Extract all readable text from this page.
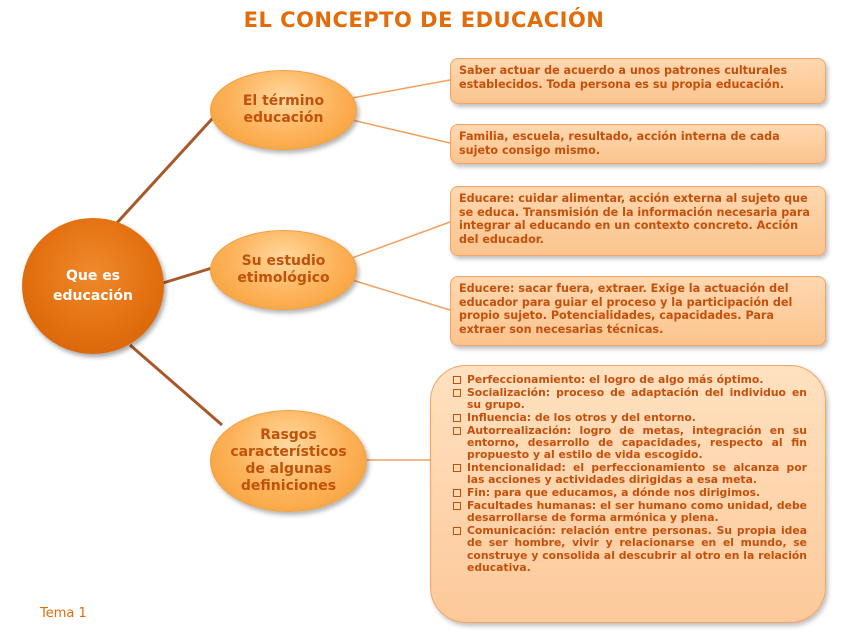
EL CONCEPTO DE EDUCACIÓN
Que es
educación
El término
educación
Su estudio
etimológico
Rasgos
característicos
de algunas
definiciones
Saber actuar de acuerdo a unos patrones culturales establecidos. Toda persona es su propia educación.
Familia, escuela, resultado, acción interna de cada sujeto consigo mismo.
Educare: cuidar alimentar, acción externa al sujeto que se educa. Transmisión de la información necesaria para integrar al educando en un contexto concreto. Acción del educador.
Educere: sacar fuera, extraer. Exige la actuación del educador para guiar el proceso y la participación del propio sujeto. Potencialidades, capacidades. Para extraer son necesarias técnicas.
Perfeccionamiento: el logro de algo más óptimo.
Socialización: proceso de adaptación del individuo en su grupo.
Influencia: de los otros y del entorno.
Autorrealización: logro de metas, integración en su entorno, desarrollo de capacidades, respecto al fin propuesto y al estilo de vida escogido.
Intencionalidad: el perfeccionamiento se alcanza por las acciones y actividades dirigidas a esa meta.
Fin: para que educamos, a dónde nos dirigimos.
Facultades humanas: el ser humano como unidad, debe desarrollarse de forma armónica y plena.
Comunicación: relación entre personas. Su propia idea de ser hombre, vivir y relacionarse en el mundo, se construye y consolida al descubrir al otro en la relación educativa.
Tema 1
